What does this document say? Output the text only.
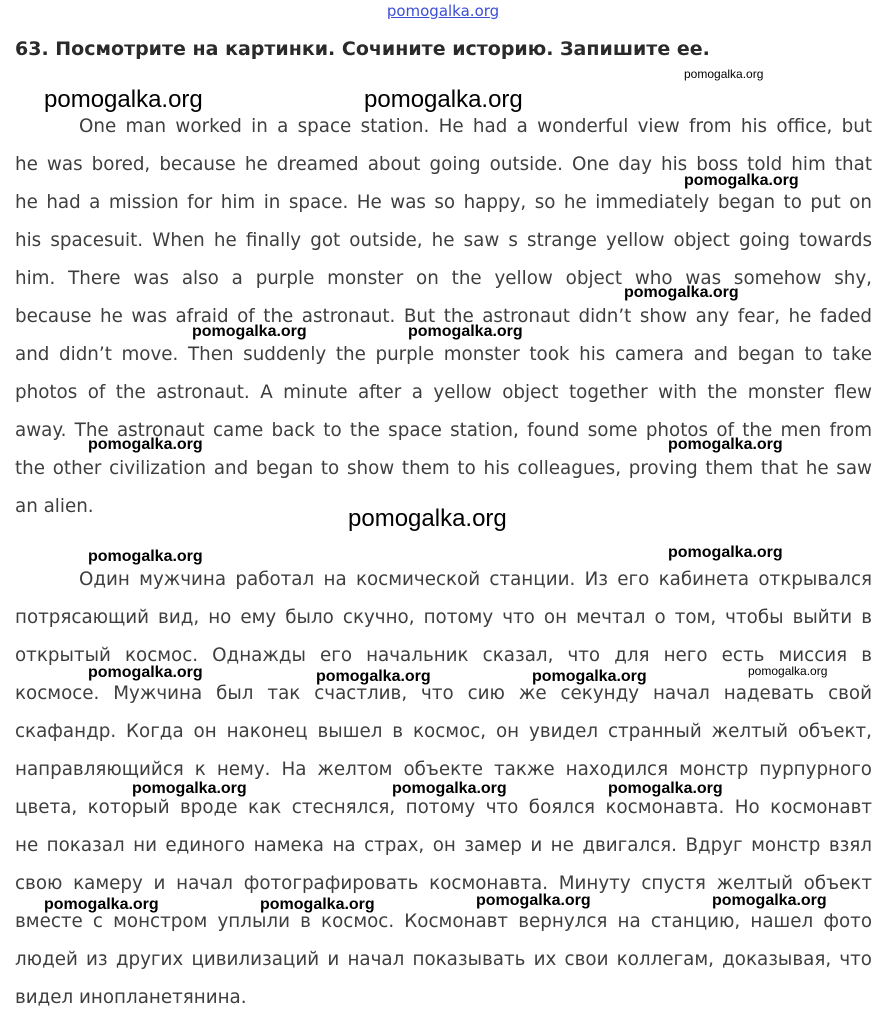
pomogalka.org
63. Посмотрите на картинки. Сочините историю. Запишите ее.
One man worked in a space station. He had a wonderful view from his office, but
he was bored, because he dreamed about going outside. One day his boss told him that
he had a mission for him in space. He was so happy, so he immediately began to put on
his spacesuit. When he finally got outside, he saw s strange yellow object going towards
him. There was also a purple monster on the yellow object who was somehow shy,
because he was afraid of the astronaut. But the astronaut didn’t show any fear, he faded
and didn’t move. Then suddenly the purple monster took his camera and began to take
photos of the astronaut. A minute after a yellow object together with the monster flew
away. The astronaut came back to the space station, found some photos of the men from
the other civilization and began to show them to his colleagues, proving them that he saw
an alien.
Один мужчина работал на космической станции. Из его кабинета открывался
потрясающий вид, но ему было скучно, потому что он мечтал о том, чтобы выйти в
открытый космос. Однажды его начальник сказал, что для него есть миссия в
космосе. Мужчина был так счастлив, что сию же секунду начал надевать свой
скафандр. Когда он наконец вышел в космос, он увидел странный желтый объект,
направляющийся к нему. На желтом объекте также находился монстр пурпурного
цвета, который вроде как стеснялся, потому что боялся космонавта. Но космонавт
не показал ни единого намека на страх, он замер и не двигался. Вдруг монстр взял
свою камеру и начал фотографировать космонавта. Минуту спустя желтый объект
вместе с монстром уплыли в космос. Космонавт вернулся на станцию, нашел фото
людей из других цивилизаций и начал показывать их свои коллегам, доказывая, что
видел инопланетянина.
pomogalka.org
pomogalka.org	pomogalka.org
pomogalka.org
pomogalka.org
pomogalka.org	pomogalka.org
pomogalka.org	pomogalka.org
pomogalka.org
pomogalka.org	pomogalka.org
pomogalka.org	pomogalka.org	pomogalka.org	pomogalka.org
pomogalka.org	pomogalka.org	pomogalka.org
pomogalka.org	pomogalka.org	pomogalka.org	pomogalka.org
